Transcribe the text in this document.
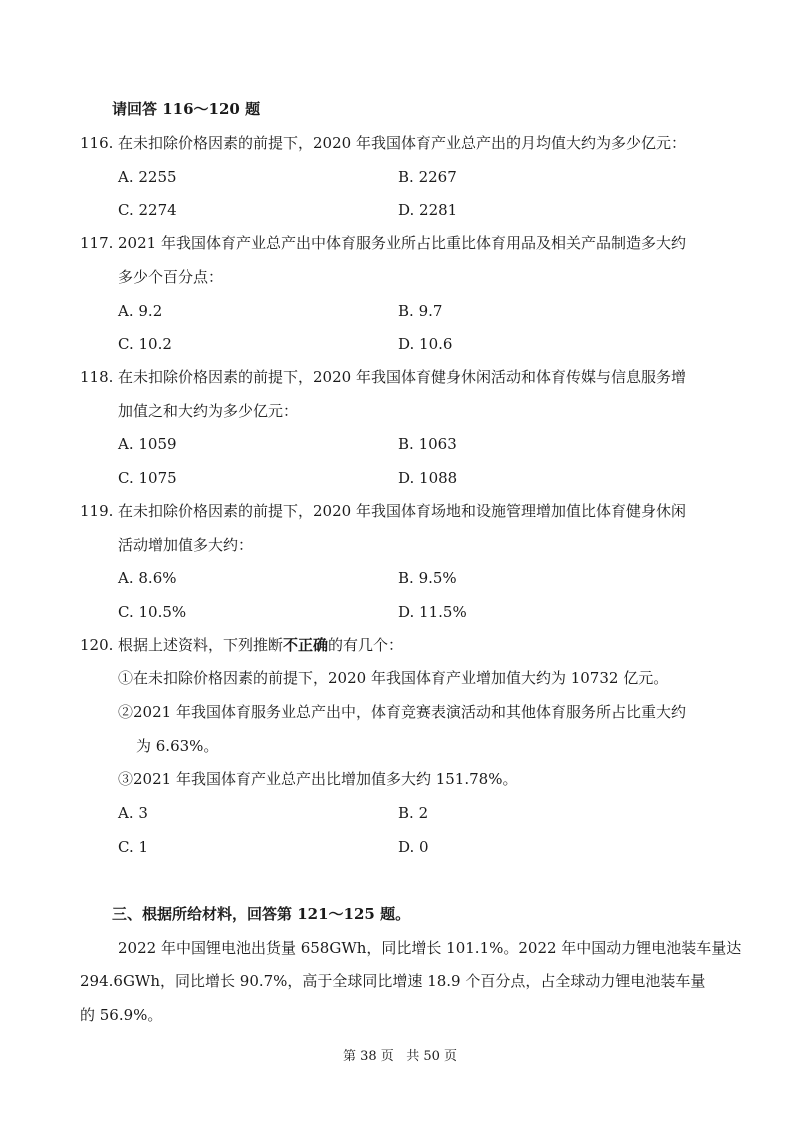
请回答 116～120 题
116. 在未扣除价格因素的前提下，2020 年我国体育产业总产出的月均值大约为多少亿元：
A. 2255	B. 2267
C. 2274	D. 2281
117. 2021 年我国体育产业总产出中体育服务业所占比重比体育用品及相关产品制造多大约
多少个百分点：
A. 9.2	B. 9.7
C. 10.2	D. 10.6
118. 在未扣除价格因素的前提下，2020 年我国体育健身休闲活动和体育传媒与信息服务增
加值之和大约为多少亿元：
A. 1059	B. 1063
C. 1075	D. 1088
119. 在未扣除价格因素的前提下，2020 年我国体育场地和设施管理增加值比体育健身休闲
活动增加值多大约：
A. 8.6%	B. 9.5%
C. 10.5%	D. 11.5%
120. 根据上述资料，下列推断不正确的有几个：
①在未扣除价格因素的前提下，2020 年我国体育产业增加值大约为 10732 亿元。
②2021 年我国体育服务业总产出中，体育竞赛表演活动和其他体育服务所占比重大约
为 6.63%。
③2021 年我国体育产业总产出比增加值多大约 151.78%。
A. 3	B. 2
C. 1	D. 0
三、根据所给材料，回答第 121～125 题。
2022 年中国锂电池出货量 658GWh，同比增长 101.1%。2022 年中国动力锂电池装车量达
294.6GWh，同比增长 90.7%，高于全球同比增速 18.9 个百分点，占全球动力锂电池装车量
的 56.9%。
第 38 页   共 50 页
